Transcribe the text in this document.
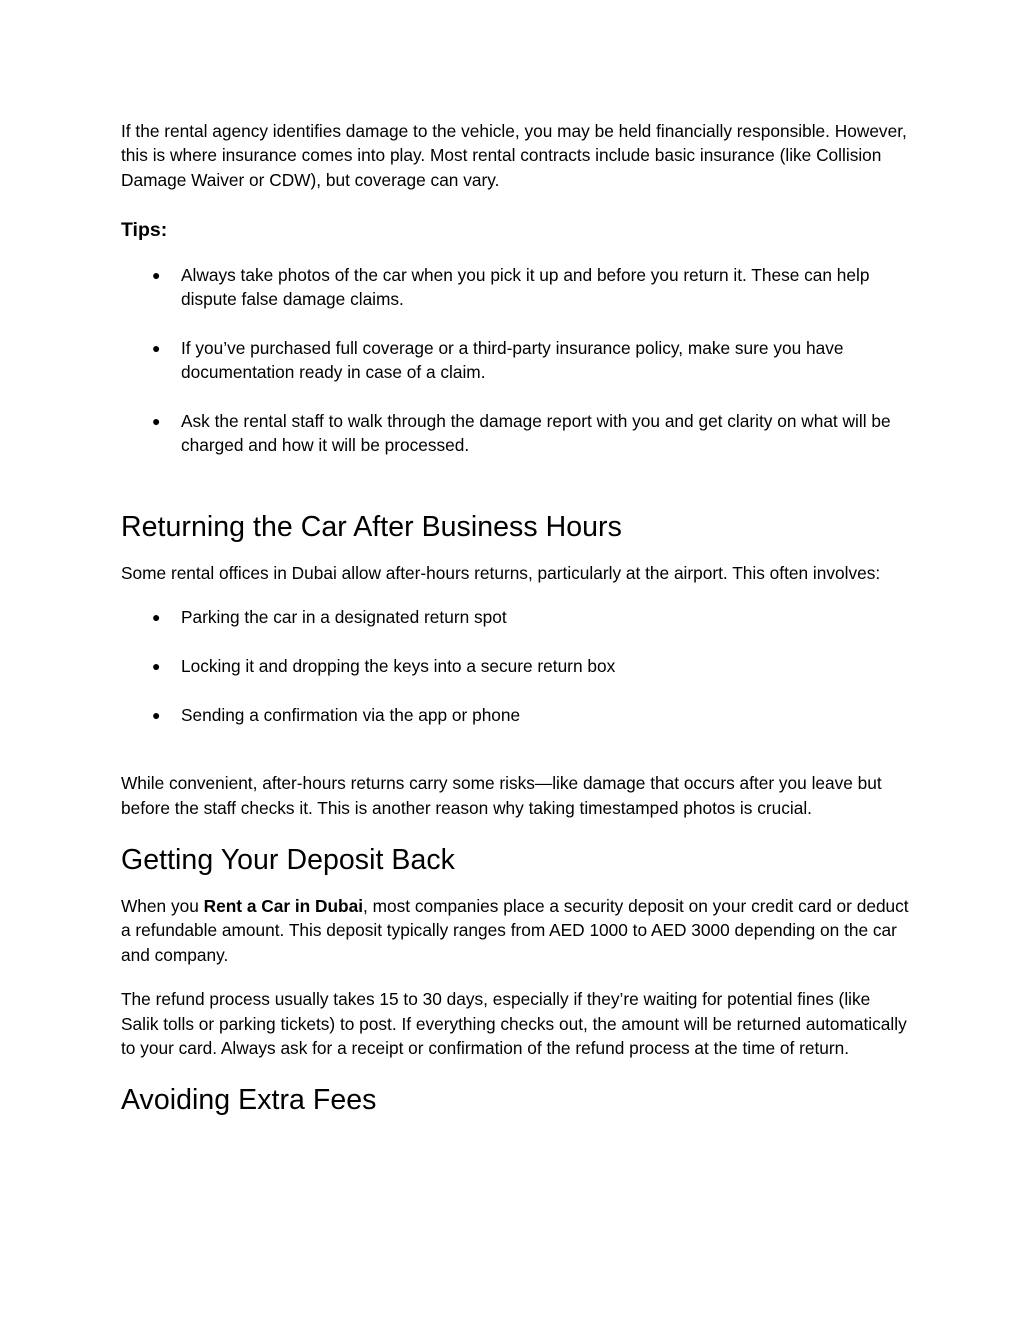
If the rental agency identifies damage to the vehicle, you may be held financially responsible. However, this is where insurance comes into play. Most rental contracts include basic insurance (like Collision Damage Waiver or CDW), but coverage can vary.

Tips:

● Always take photos of the car when you pick it up and before you return it. These can help dispute false damage claims.
● If you’ve purchased full coverage or a third-party insurance policy, make sure you have documentation ready in case of a claim.
● Ask the rental staff to walk through the damage report with you and get clarity on what will be charged and how it will be processed.
Returning the Car After Business Hours

Some rental offices in Dubai allow after-hours returns, particularly at the airport. This often involves:

● Parking the car in a designated return spot
● Locking it and dropping the keys into a secure return box
● Sending a confirmation via the app or phone

While convenient, after-hours returns carry some risks—like damage that occurs after you leave but before the staff checks it. This is another reason why taking timestamped photos is crucial.

Getting Your Deposit Back

When you Rent a Car in Dubai, most companies place a security deposit on your credit card or deduct a refundable amount. This deposit typically ranges from AED 1000 to AED 3000 depending on the car and company.

The refund process usually takes 15 to 30 days, especially if they’re waiting for potential fines (like Salik tolls or parking tickets) to post. If everything checks out, the amount will be returned automatically to your card. Always ask for a receipt or confirmation of the refund process at the time of return.

Avoiding Extra Fees
